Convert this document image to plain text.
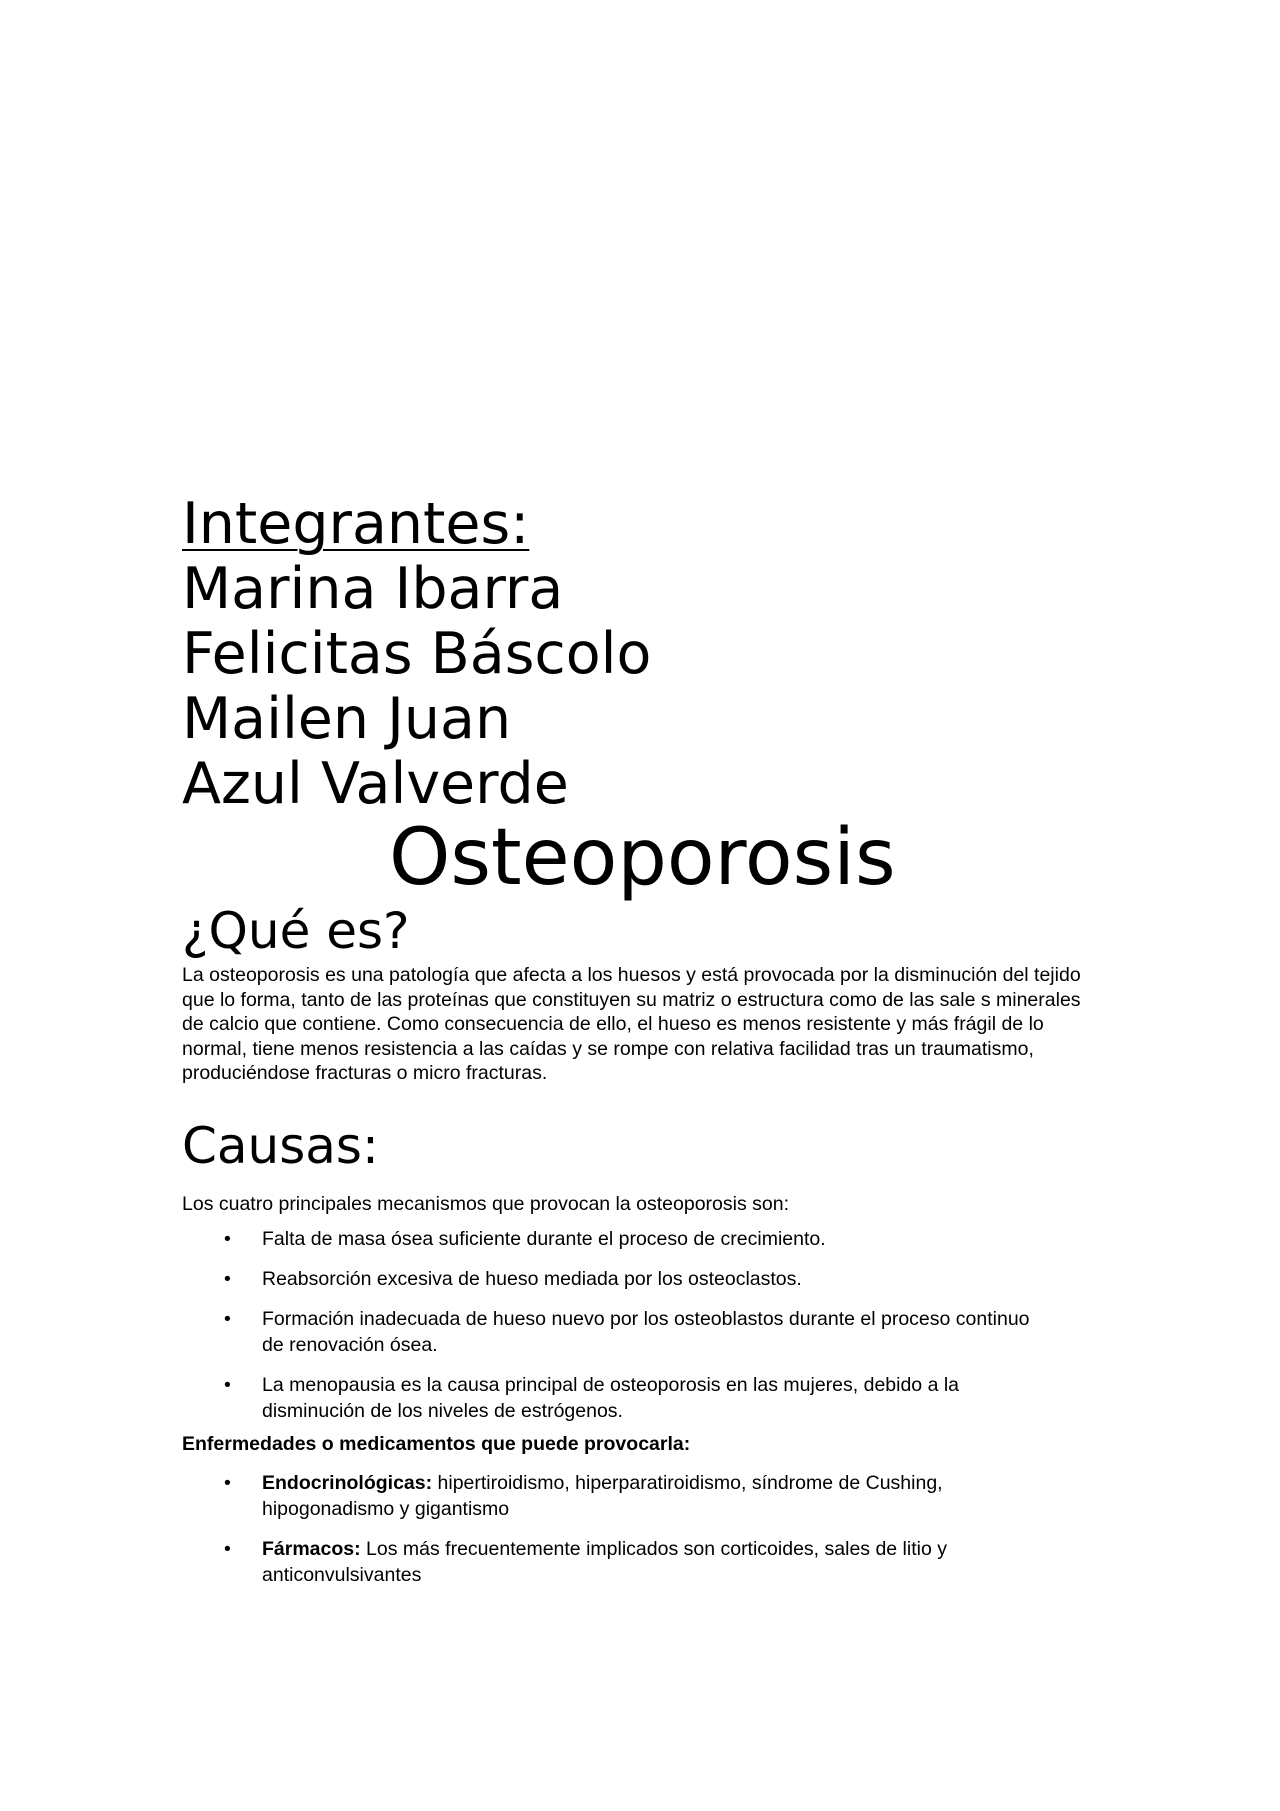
Integrantes:
Marina Ibarra
Felicitas Báscolo
Mailen Juan
Azul Valverde
Osteoporosis
¿Qué es?

La osteoporosis es una patología que afecta a los huesos y está provocada por la disminución del tejido que lo forma, tanto de las proteínas que constituyen su matriz o estructura como de las sale s minerales de calcio que contiene. Como consecuencia de ello, el hueso es menos resistente y más frágil de lo normal, tiene menos resistencia a las caídas y se rompe con relativa facilidad tras un traumatismo, produciéndose fracturas o micro fracturas.

Causas:

Los cuatro principales mecanismos que provocan la osteoporosis son:

• Falta de masa ósea suficiente durante el proceso de crecimiento.
• Reabsorción excesiva de hueso mediada por los osteoclastos.
• Formación inadecuada de hueso nuevo por los osteoblastos durante el proceso continuo de renovación ósea.
• La menopausia es la causa principal de osteoporosis en las mujeres, debido a la disminución de los niveles de estrógenos.

Enfermedades o medicamentos que puede provocarla:

• Endocrinológicas: hipertiroidismo, hiperparatiroidismo, síndrome de Cushing, hipogonadismo y gigantismo
• Fármacos: Los más frecuentemente implicados son corticoides, sales de litio y anticonvulsivantes
